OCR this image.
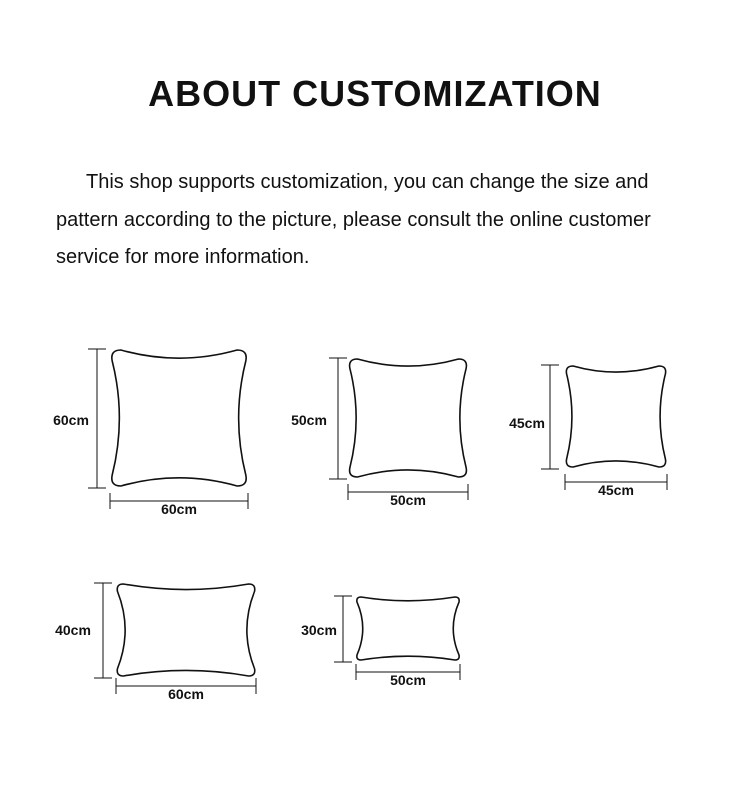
ABOUT CUSTOMIZATION

This shop supports customization, you can change the size and pattern according to the picture, please consult the online customer service for more information.

60cm
60cm
50cm
50cm
45cm
45cm
40cm
60cm
30cm
50cm
